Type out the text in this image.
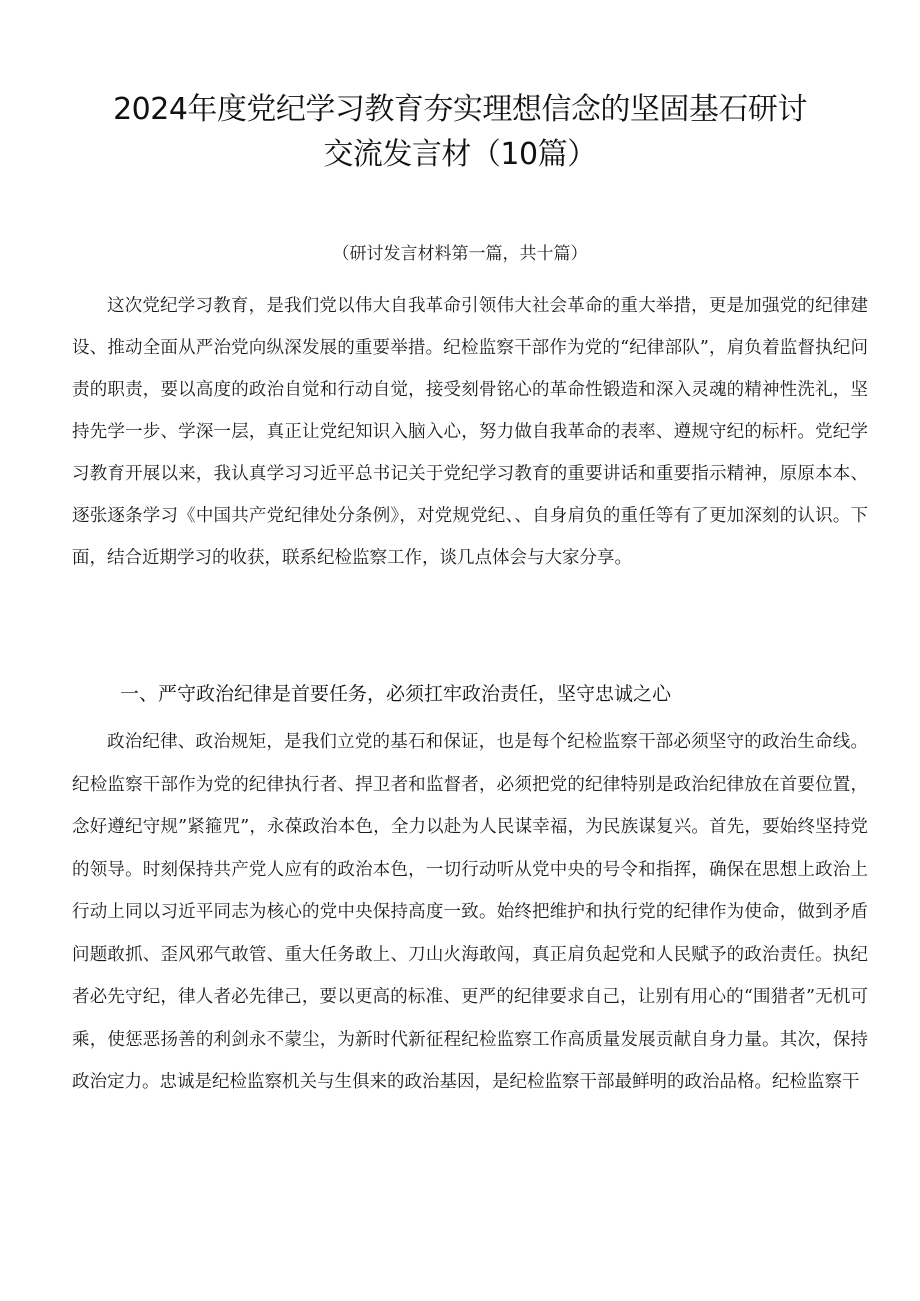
2024年度党纪学习教育夯实理想信念的坚固基石研讨
交流发言材（10篇）
（研讨发言材料第一篇，共十篇）

这次党纪学习教育，是我们党以伟大自我革命引领伟大社会革命的重大举措，更是加强党的纪律建设、推动全面从严治党向纵深发展的重要举措。纪检监察干部作为党的“纪律部队”，肩负着监督执纪问责的职责，要以高度的政治自觉和行动自觉，接受刻骨铭心的革命性锻造和深入灵魂的精神性洗礼，坚持先学一步、学深一层，真正让党纪知识入脑入心，努力做自我革命的表率、遵规守纪的标杆。党纪学习教育开展以来，我认真学习习近平总书记关于党纪学习教育的重要讲话和重要指示精神，原原本本、逐张逐条学习《中国共产党纪律处分条例》，对党规党纪、、自身肩负的重任等有了更加深刻的认识。下面，结合近期学习的收获，联系纪检监察工作，谈几点体会与大家分享。

一、严守政治纪律是首要任务，必须扛牢政治责任，坚守忠诚之心

政治纪律、政治规矩，是我们立党的基石和保证，也是每个纪检监察干部必须坚守的政治生命线。纪检监察干部作为党的纪律执行者、捍卫者和监督者，必须把党的纪律特别是政治纪律放在首要位置，念好遵纪守规”紧箍咒”，永葆政治本色，全力以赴为人民谋幸福，为民族谋复兴。首先，要始终坚持党的领导。时刻保持共产党人应有的政治本色，一切行动听从党中央的号令和指挥，确保在思想上政治上行动上同以习近平同志为核心的党中央保持高度一致。始终把维护和执行党的纪律作为使命，做到矛盾问题敢抓、歪风邪气敢管、重大任务敢上、刀山火海敢闯，真正肩负起党和人民赋予的政治责任。执纪者必先守纪，律人者必先律己，要以更高的标准、更严的纪律要求自己，让别有用心的“围猎者”无机可乘，使惩恶扬善的利剑永不蒙尘，为新时代新征程纪检监察工作高质量发展贡献自身力量。其次，保持政治定力。忠诚是纪检监察机关与生俱来的政治基因，是纪检监察干部最鲜明的政治品格。纪检监察干
